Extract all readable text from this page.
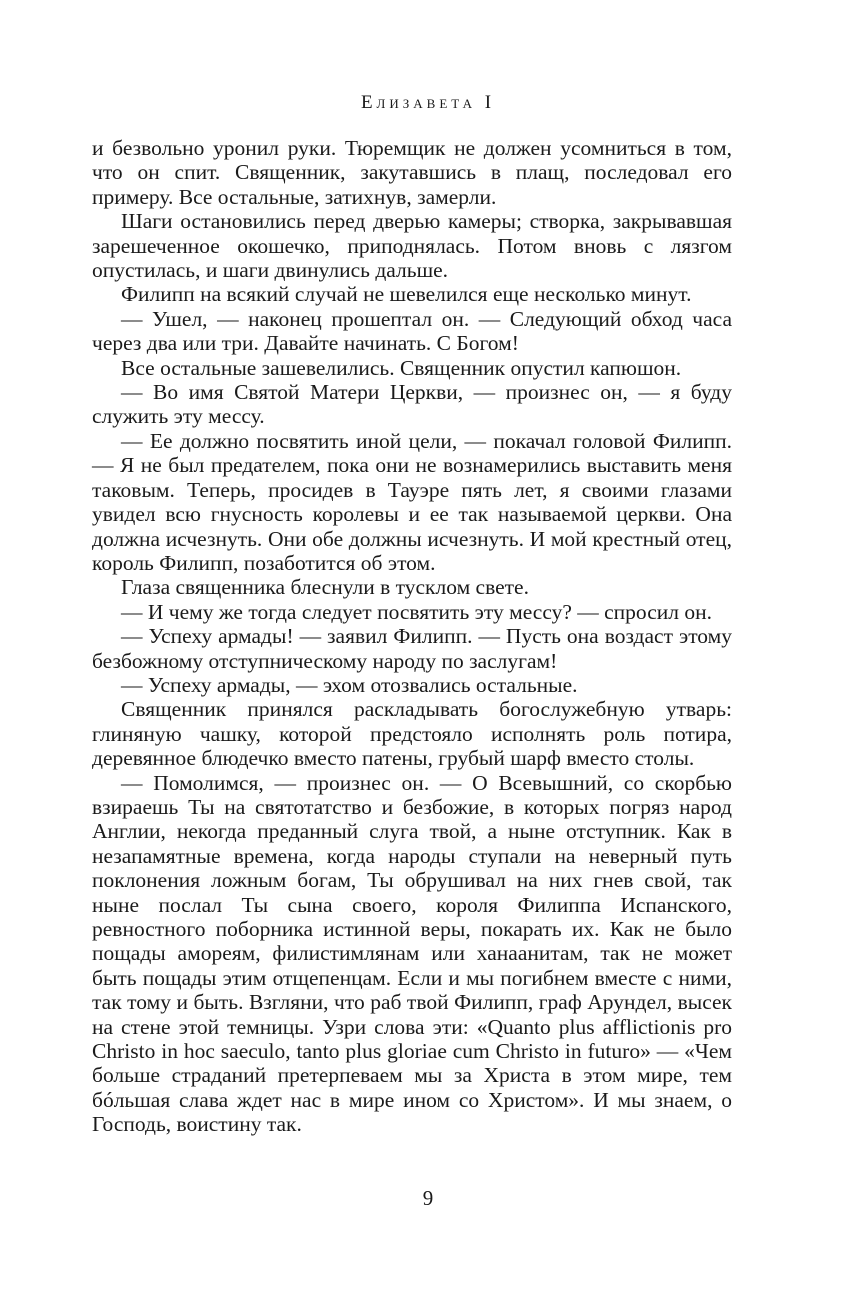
Елизавета I

и безвольно уронил руки. Тюремщик не должен усомниться в том, что он спит. Священник, закутавшись в плащ, последовал его примеру. Все остальные, затихнув, замерли.

Шаги остановились перед дверью камеры; створка, закрывавшая зарешеченное окошечко, приподнялась. Потом вновь с лязгом опустилась, и шаги двинулись дальше.

Филипп на всякий случай не шевелился еще несколько минут.

— Ушел, — наконец прошептал он. — Следующий обход часа через два или три. Давайте начинать. С Богом!

Все остальные зашевелились. Священник опустил капюшон.

— Во имя Святой Матери Церкви, — произнес он, — я буду служить эту мессу.

— Ее должно посвятить иной цели, — покачал головой Филипп. — Я не был предателем, пока они не вознамерились выставить меня таковым. Теперь, просидев в Тауэре пять лет, я своими глазами увидел всю гнусность королевы и ее так называемой церкви. Она должна исчезнуть. Они обе должны исчезнуть. И мой крестный отец, король Филипп, позаботится об этом.

Глаза священника блеснули в тусклом свете.

— И чему же тогда следует посвятить эту мессу? — спросил он.

— Успеху армады! — заявил Филипп. — Пусть она воздаст этому безбожному отступническому народу по заслугам!

— Успеху армады, — эхом отозвались остальные.

Священник принялся раскладывать богослужебную утварь: глиняную чашку, которой предстояло исполнять роль потира, деревянное блюдечко вместо патены, грубый шарф вместо столы.

— Помолимся, — произнес он. — О Всевышний, со скорбью взираешь Ты на святотатство и безбожие, в которых погряз народ Англии, некогда преданный слуга твой, а ныне отступник. Как в незапамятные времена, когда народы ступали на неверный путь поклонения ложным богам, Ты обрушивал на них гнев свой, так ныне послал Ты сына своего, короля Филиппа Испанского, ревностного поборника истинной веры, покарать их. Как не было пощады амореям, филистимлянам или ханаанитам, так не может быть пощады этим отщепенцам. Если и мы погибнем вместе с ними, так тому и быть. Взгляни, что раб твой Филипп, граф Арундел, высек на стене этой темницы. Узри слова эти: «Quanto plus afflictionis pro Christo in hoc saeculo, tanto plus gloriae cum Christo in futuro» — «Чем больше страданий претерпеваем мы за Христа в этом мире, тем бóльшая слава ждет нас в мире ином со Христом». И мы знаем, о Господь, воистину так.

9
